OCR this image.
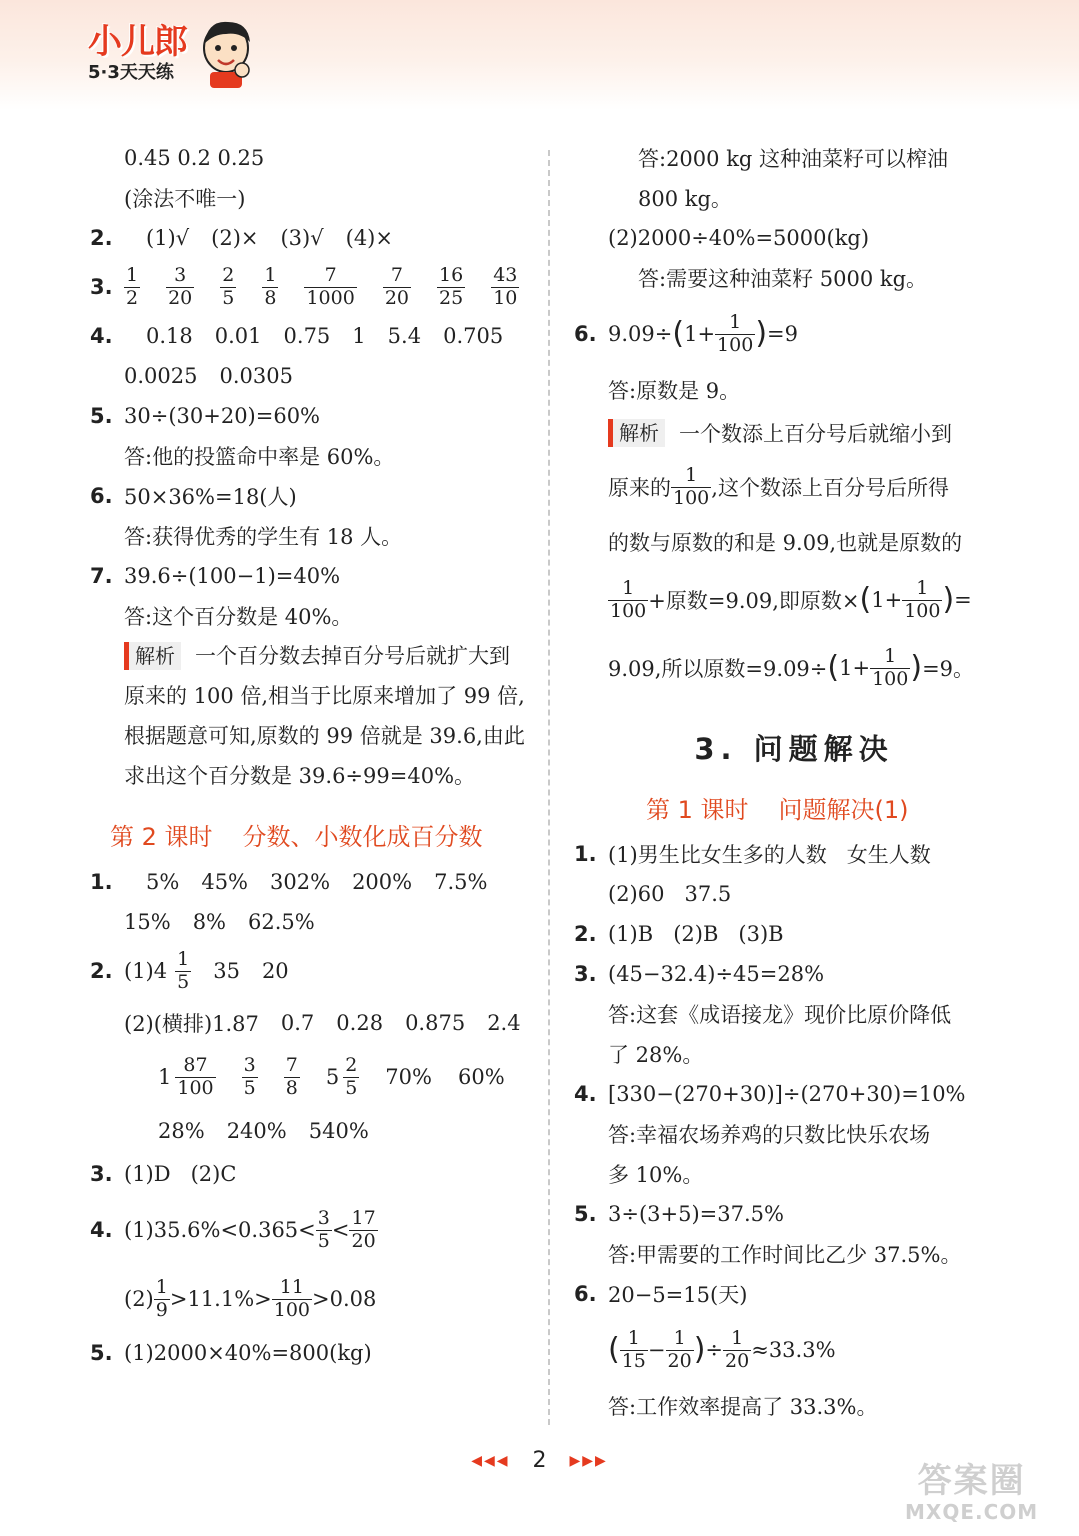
小儿郎
5·3天天练
0.45 0.2 0.25
(涂法不唯一)
2.	(1)√ (2)× (3)√ (4)×
3. $\frac{1}{2} \frac{3}{20} \frac{2}{5} \frac{1}{8} \frac{7}{1000} \frac{7}{20} \frac{16}{25} \frac{43}{10}$
4.	0.18 0.01 0.75 1 5.4 0.705
0.0025 0.0305
5. 30÷(30+20)=60%
答:他的投篮命中率是 60%。
6. 50×36%=18(人)
答:获得优秀的学生有 18 人。
7. 39.6÷(100−1)=40%
答:这个百分数是 40%。
解析 一个百分数去掉百分号后就扩大到原来的 100 倍,相当于比原来增加了 99 倍,根据题意可知,原数的 99 倍就是 39.6,由此求出这个百分数是 39.6÷99=40%。
第 2 课时 分数、小数化成百分数
1.	5% 45% 302% 200% 7.5%
15% 8% 62.5%
2. $(1)4 \frac{1}{5} 35$ 20
(2)(横排)1.87 0.7 0.28 0.875 2.4
$1 \frac{87}{100} \frac{3}{5} \frac{7}{8} 5 \frac{2}{5} 70\%$ 60%
28% 240% 540%
3. (1)D   (2)C
4. $(1)35.6\%<0.365< \frac{3}{5} < \frac{17}{20}$
$(2) \frac{1}{9} >11.1\%> \frac{11}{100} >0.08$
5. (1)2000×40%=800(kg)
答:2000 kg 这种油菜籽可以榨油
800 kg。
(2)2000÷40%=5000(kg)
答:需要这种油菜籽 5000 kg。
6. 9.09÷ ( $1+ \frac{1}{100}$ ) =9
答:原数是 9。
解析 一个数添上百分号后就缩小到
原来的 $\frac{1}{100}$ ,这个数添上百分号后所得
的数与原数的和是 9.09,也就是原数的
$\frac{1}{100}$ +原数=9.09,即原数× ( $1+ \frac{1}{100}$ ) =
9.09,所以原数=9.09÷ ( $1+ \frac{1}{100}$ ) =9。
3. 问题解决
第 1 课时 问题解决(1)
1. (1)男生比女生多的人数   女生人数
(2)60   37.5
2. (1)B   (2)B   (3)B
3. (45−32.4)÷45=28%
答:这套《成语接龙》现价比原价降低
了 28%。
4. [330−(270+30)]÷(270+30)=10%
答:幸福农场养鸡的只数比快乐农场
多 10%。
5. 3÷(3+5)=37.5%
答:甲需要的工作时间比乙少 37.5%。
6. 20−5=15(天)
( $\frac{1}{15} - \frac{1}{20}$ ) ÷ $\frac{1}{20} \approx 33.3\%$
答:工作效率提高了 33.3%。
◀◀◀ 2 ▶▶▶	答案圈
MXQE.COM
